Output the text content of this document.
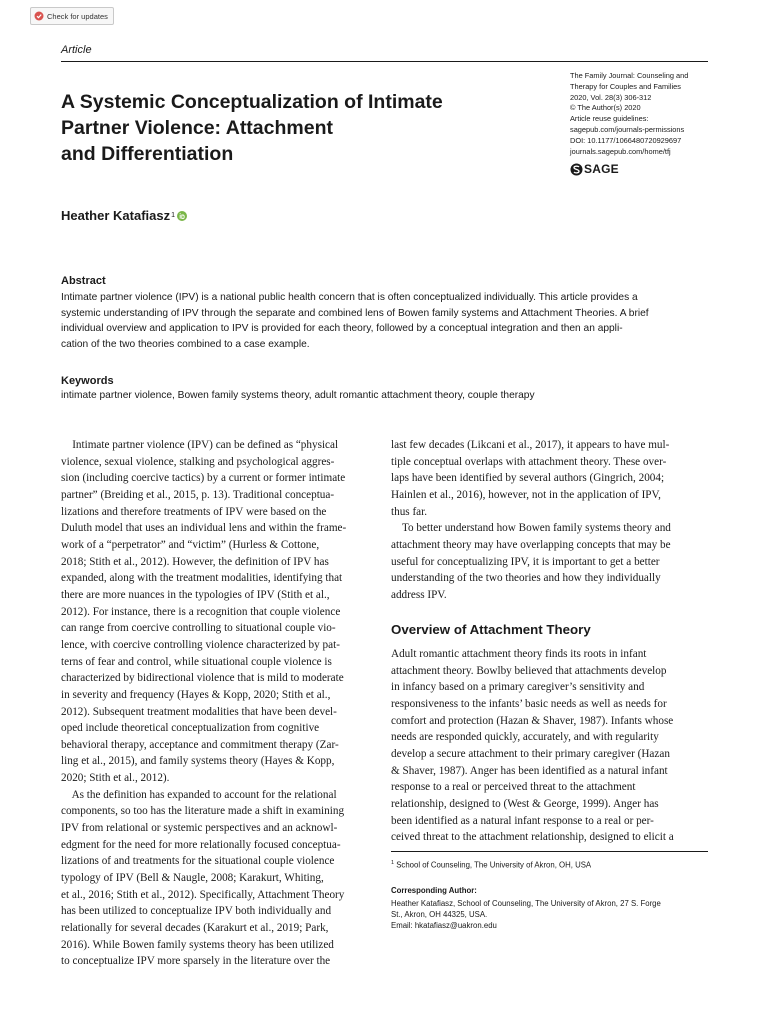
Check for updates
Article
The Family Journal: Counseling and
Therapy for Couples and Families
2020, Vol. 28(3) 306-312
© The Author(s) 2020
Article reuse guidelines:
sagepub.com/journals-permissions
DOI: 10.1177/1066480720929697
journals.sagepub.com/home/tfj
SAGE
A Systemic Conceptualization of Intimate
Partner Violence: Attachment
and Differentiation
Heather Katafiasz 1
Abstract
Intimate partner violence (IPV) is a national public health concern that is often conceptualized individually. This article provides a
systemic understanding of IPV through the separate and combined lens of Bowen family systems and Attachment Theories. A brief
individual overview and application to IPV is provided for each theory, followed by a conceptual integration and then an appli-
cation of the two theories combined to a case example.
Keywords
intimate partner violence, Bowen family systems theory, adult romantic attachment theory, couple therapy
Intimate partner violence (IPV) can be defined as “physical
violence, sexual violence, stalking and psychological aggres-
sion (including coercive tactics) by a current or former intimate
partner” (Breiding et al., 2015, p. 13). Traditional conceptua-
lizations and therefore treatments of IPV were based on the
Duluth model that uses an individual lens and within the frame-
work of a “perpetrator” and “victim” (Hurless & Cottone,
2018; Stith et al., 2012). However, the definition of IPV has
expanded, along with the treatment modalities, identifying that
there are more nuances in the typologies of IPV (Stith et al.,
2012). For instance, there is a recognition that couple violence
can range from coercive controlling to situational couple vio-
lence, with coercive controlling violence characterized by pat-
terns of fear and control, while situational couple violence is
characterized by bidirectional violence that is mild to moderate
in severity and frequency (Hayes & Kopp, 2020; Stith et al.,
2012). Subsequent treatment modalities that have been devel-
oped include theoretical conceptualization from cognitive
behavioral therapy, acceptance and commitment therapy (Zar-
ling et al., 2015), and family systems theory (Hayes & Kopp,
2020; Stith et al., 2012).
As the definition has expanded to account for the relational
components, so too has the literature made a shift in examining
IPV from relational or systemic perspectives and an acknowl-
edgment for the need for more relationally focused conceptua-
lizations of and treatments for the situational couple violence
typology of IPV (Bell & Naugle, 2008; Karakurt, Whiting,
et al., 2016; Stith et al., 2012). Specifically, Attachment Theory
has been utilized to conceptualize IPV both individually and
relationally for several decades (Karakurt et al., 2019; Park,
2016). While Bowen family systems theory has been utilized
to conceptualize IPV more sparsely in the literature over the
last few decades (Likcani et al., 2017), it appears to have mul-
tiple conceptual overlaps with attachment theory. These over-
laps have been identified by several authors (Gingrich, 2004;
Hainlen et al., 2016), however, not in the application of IPV,
thus far.
To better understand how Bowen family systems theory and
attachment theory may have overlapping concepts that may be
useful for conceptualizing IPV, it is important to get a better
understanding of the two theories and how they individually
address IPV.
Overview of Attachment Theory
Adult romantic attachment theory finds its roots in infant
attachment theory. Bowlby believed that attachments develop
in infancy based on a primary caregiver’s sensitivity and
responsiveness to the infants’ basic needs as well as needs for
comfort and protection (Hazan & Shaver, 1987). Infants whose
needs are responded quickly, accurately, and with regularity
develop a secure attachment to their primary caregiver (Hazan
& Shaver, 1987). Anger has been identified as a natural infant
response to a real or perceived threat to the attachment
relationship, designed to (West & George, 1999). Anger has
been identified as a natural infant response to a real or per-
ceived threat to the attachment relationship, designed to elicit a
$^1$ School of Counseling, The University of Akron, OH, USA
Corresponding Author:
Heather Katafiasz, School of Counseling, The University of Akron, 27 S. Forge
St., Akron, OH 44325, USA.
Email: hkatafiasz@uakron.edu
